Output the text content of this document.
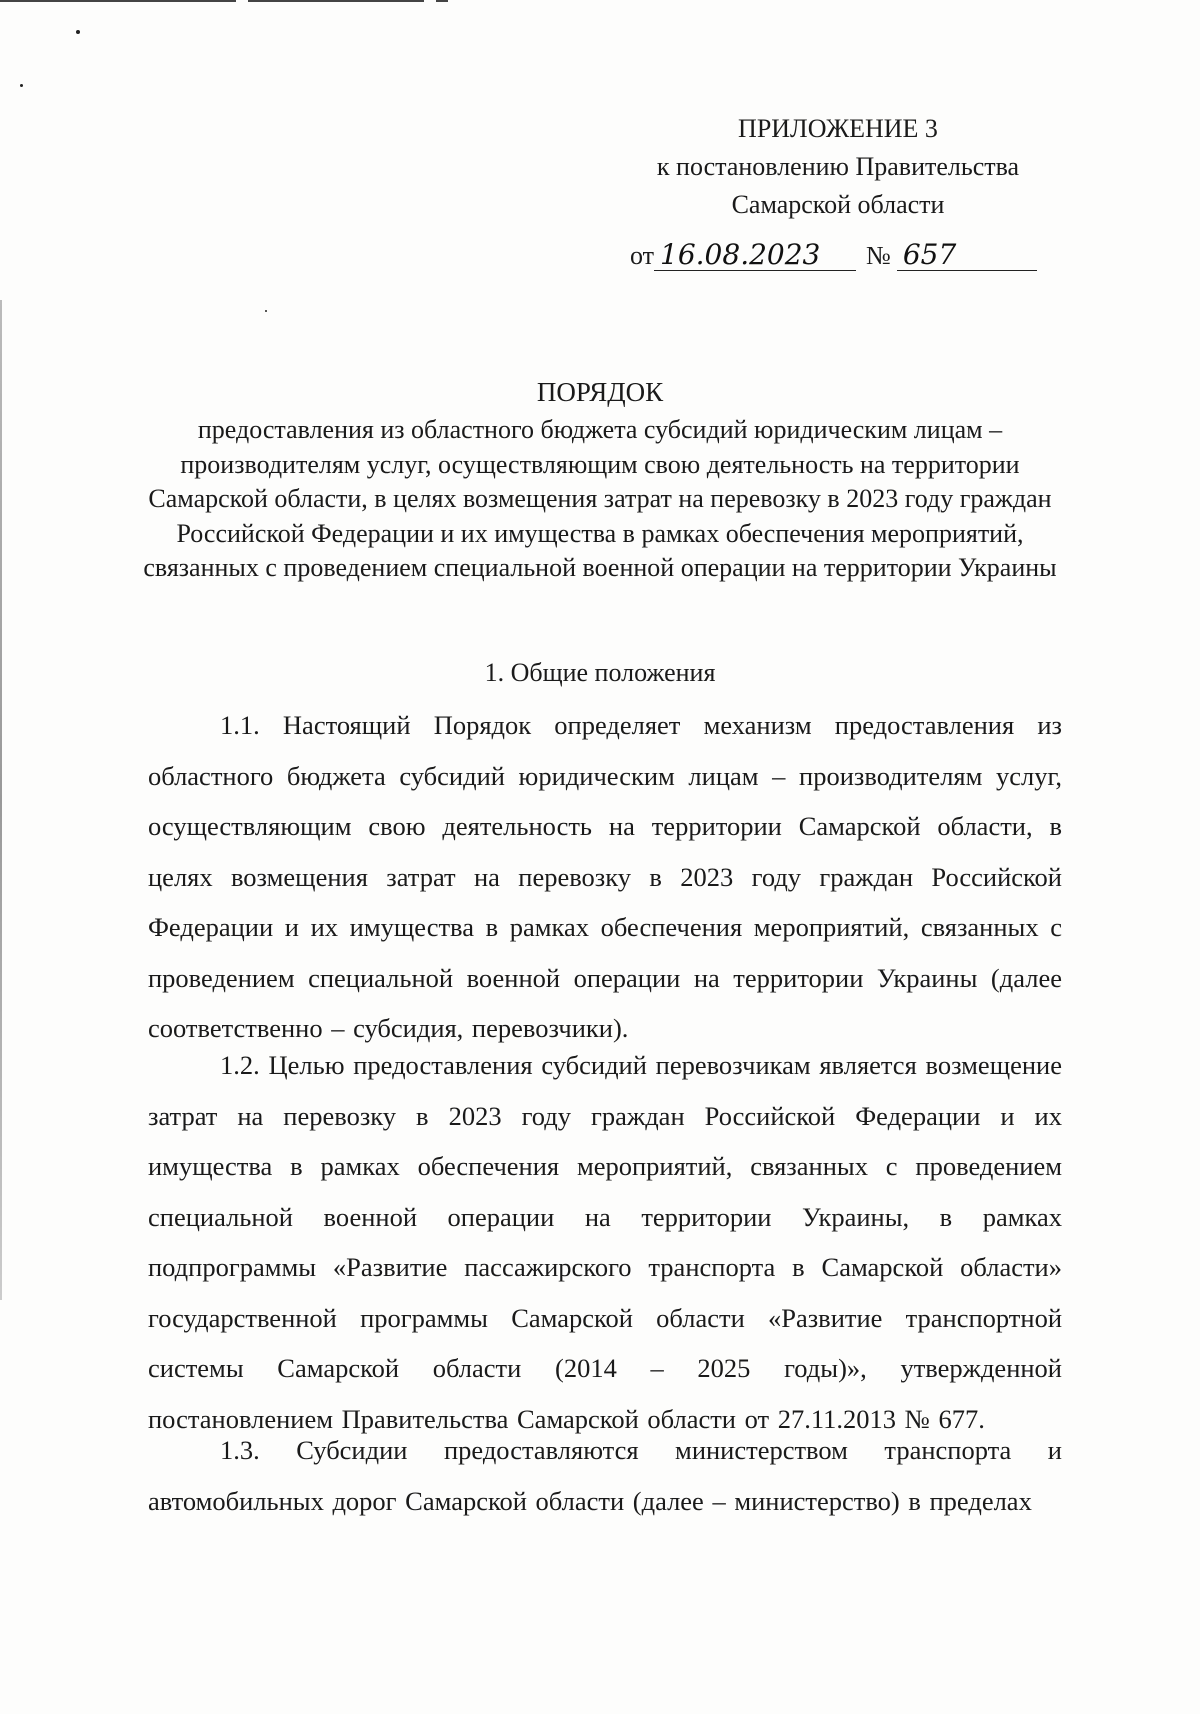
ПРИЛОЖЕНИЕ 3
к постановлению Правительства
Самарской области
от 16.08.2023 № 657
ПОРЯДОК
предоставления из областного бюджета субсидий юридическим лицам – производителям услуг, осуществляющим свою деятельность на территории Самарской области, в целях возмещения затрат на перевозку в 2023 году граждан Российской Федерации и их имущества в рамках обеспечения мероприятий, связанных с проведением специальной военной операции на территории Украины
1. Общие положения
1.1. Настоящий Порядок определяет механизм предоставления из областного бюджета субсидий юридическим лицам – производителям услуг, осуществляющим свою деятельность на территории Самарской области, в целях возмещения затрат на перевозку в 2023 году граждан Российской Федерации и их имущества в рамках обеспечения мероприятий, связанных с проведением специальной военной операции на территории Украины (далее соответственно – субсидия, перевозчики).
1.2. Целью предоставления субсидий перевозчикам является возмещение затрат на перевозку в 2023 году граждан Российской Федерации и их имущества в рамках обеспечения мероприятий, связанных с проведением специальной военной операции на территории Украины, в рамках подпрограммы «Развитие пассажирского транспорта в Самарской области» государственной программы Самарской области «Развитие транспортной системы Самарской области (2014 – 2025 годы)», утвержденной постановлением Правительства Самарской области от 27.11.2013 № 677.
1.3. Субсидии предоставляются министерством транспорта и автомобильных дорог Самарской области (далее – министерство) в пределах
